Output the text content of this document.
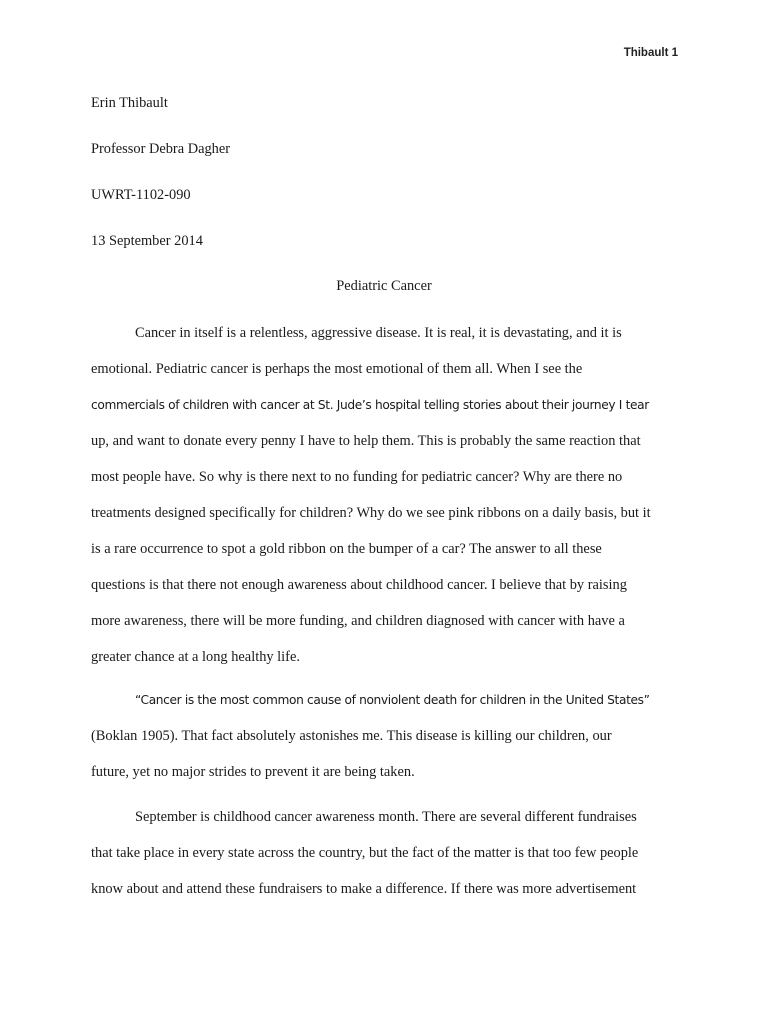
Thibault 1
Erin Thibault
Professor Debra Dagher
UWRT-1102-090
13 September 2014
Pediatric Cancer
Cancer in itself is a relentless, aggressive disease. It is real, it is devastating, and it is
emotional. Pediatric cancer is perhaps the most emotional of them all. When I see the
commercials of children with cancer at St. Jude’s hospital telling stories about their journey I tear
up, and want to donate every penny I have to help them. This is probably the same reaction that
most people have. So why is there next to no funding for pediatric cancer? Why are there no
treatments designed specifically for children? Why do we see pink ribbons on a daily basis, but it
is a rare occurrence to spot a gold ribbon on the bumper of a car? The answer to all these
questions is that there not enough awareness about childhood cancer. I believe that by raising
more awareness, there will be more funding, and children diagnosed with cancer with have a
greater chance at a long healthy life.
“Cancer is the most common cause of nonviolent death for children in the United States”
(Boklan 1905). That fact absolutely astonishes me. This disease is killing our children, our
future, yet no major strides to prevent it are being taken.
September is childhood cancer awareness month. There are several different fundraises
that take place in every state across the country, but the fact of the matter is that too few people
know about and attend these fundraisers to make a difference. If there was more advertisement
